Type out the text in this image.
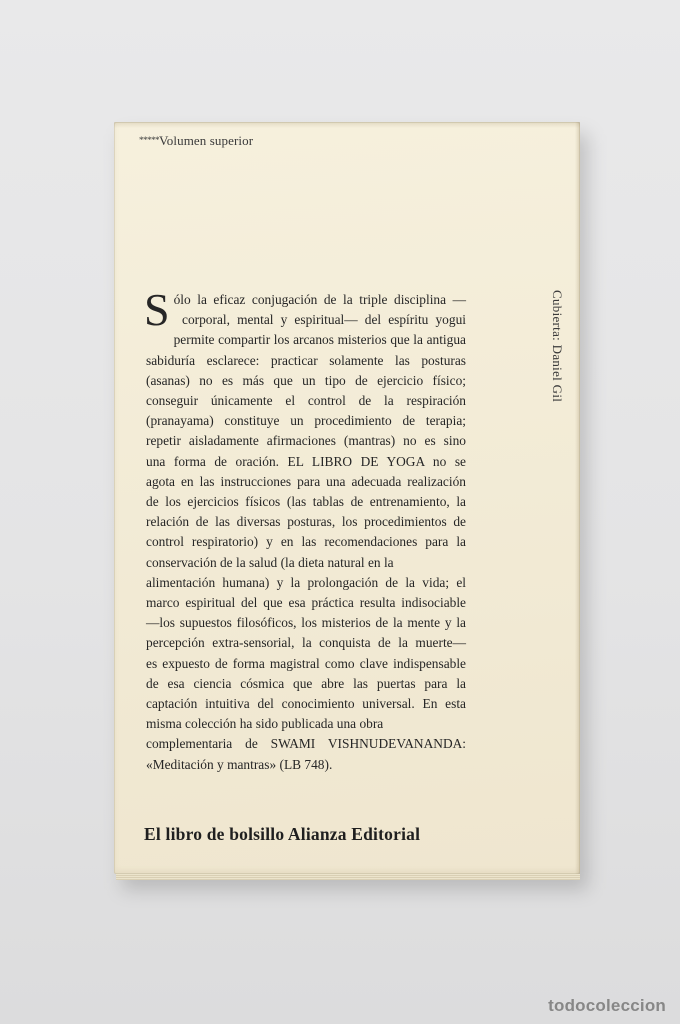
*****Volumen superior
S ólo la eficaz conjugación de la triple disciplina —
corporal, mental y espiritual— del espíritu yogui
permite compartir los arcanos misterios que la antigua
sabiduría esclarece: practicar solamente las posturas
(asanas) no es más que un tipo de ejercicio físico;
conseguir únicamente el control de la respiración
(pranayama) constituye un procedimiento de terapia;
repetir aisladamente afirmaciones (mantras) no es sino
una forma de oración. EL LIBRO DE YOGA no se
agota en las instrucciones para una adecuada realización
de los ejercicios físicos (las tablas de entrenamiento, la
relación de las diversas posturas, los procedimientos de
control respiratorio) y en las recomendaciones para la
conservación de la salud (la dieta natural en la
alimentación humana) y la prolongación de la vida; el
marco espiritual del que esa práctica resulta indisociable
—los supuestos filosóficos, los misterios de la mente y la
percepción extra-sensorial, la conquista de la muerte—
es expuesto de forma magistral como clave indispensable
de esa ciencia cósmica que abre las puertas para la
captación intuitiva del conocimiento universal. En esta
misma colección ha sido publicada una obra
complementaria de SWAMI VISHNUDEVANANDA:
«Meditación y mantras» (LB 748).
Cubierta: Daniel Gil
El libro de bolsillo Alianza Editorial
todocoleccion
